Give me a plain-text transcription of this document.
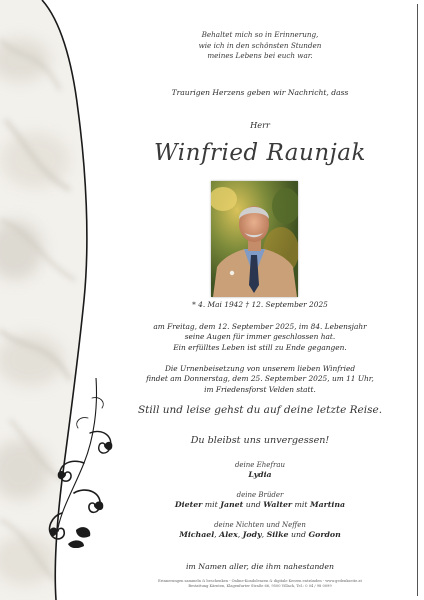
Behaltet mich so in Erinnerung,
wie ich in den schönsten Stunden
meines Lebens bei euch war.
Traurigen Herzens geben wir Nachricht, dass
Herr
Winfried Raunjak
* 4. Mai 1942 † 12. September 2025
am Freitag, dem 12. September 2025, im 84. Lebensjahr
seine Augen für immer geschlossen hat.
Ein erfülltes Leben ist still zu Ende gegangen.
Die Urnenbeisetzung von unserem lieben Winfried
findet am Donnerstag, dem 25. September 2025, um 11 Uhr,
im Friedensforst Velden statt.
Still und leise gehst du auf deine letzte Reise.
Du bleibst uns unvergessen!
deine Ehefrau
Lydia
deine Brüder
Dieter mit Janet und Walter mit Martina
deine Nichten und Neffen
Michael, Alex, Jody, Silke und Gordon
im Namen aller, die ihm nahestanden
Erinnerungen sammeln & beschenken - Online-Kondolenzen & digitale Kerzen entzünden - www.gedenkseite.at
Bestattung Kärnten, Klagenfurter Straße 66, 9500 Villach, Tel.: 0 04 / 98 0099
